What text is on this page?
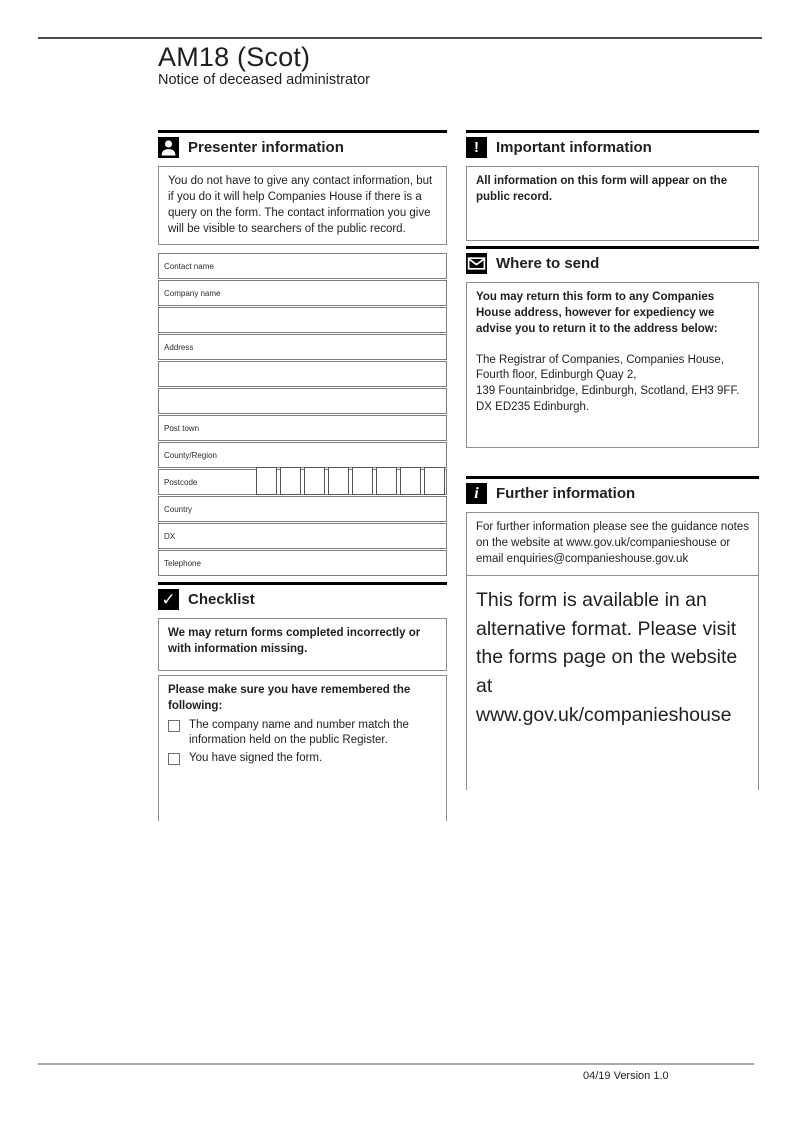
AM18 (Scot)
Notice of deceased administrator
Presenter information
You do not have to give any contact information, but if you do it will help Companies House if there is a query on the form. The contact information you give will be visible to searchers of the public record.
Contact name
Company name
Address
Post town
County/Region
Postcode
Country
DX
Telephone
✓ Checklist
We may return forms completed incorrectly or with information missing.
Please make sure you have remembered the following:
The company name and number match the information held on the public Register.
You have signed the form.
! Important information
All information on this form will appear on the public record.
Where to send
You may return this form to any Companies House address, however for expediency we advise you to return it to the address below:
The Registrar of Companies, Companies House,
Fourth floor, Edinburgh Quay 2,
139 Fountainbridge, Edinburgh, Scotland, EH3 9FF.
DX ED235 Edinburgh.
i Further information
For further information please see the guidance notes on the website at www.gov.uk/companieshouse or email enquiries@companieshouse.gov.uk
This form is available in an alternative format. Please visit the forms page on the website at www.gov.uk/companieshouse
04/19 Version 1.0
